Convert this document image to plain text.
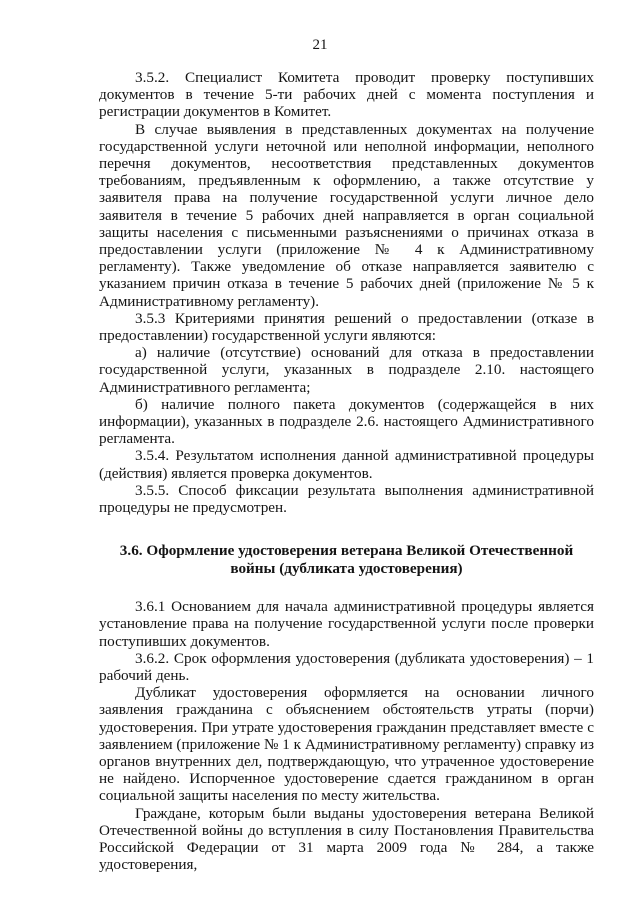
21

3.5.2. Специалист Комитета проводит проверку поступивших документов в течение 5-ти рабочих дней с момента поступления и регистрации документов в Комитет.

В случае выявления в представленных документах на получение государственной услуги неточной или неполной информации, неполного перечня документов, несоответствия представленных документов требованиям, предъявленным к оформлению, а также отсутствие у заявителя права на получение государственной услуги личное дело заявителя в течение 5 рабочих дней направляется в орган социальной защиты населения с письменными разъяснениями о причинах отказа в предоставлении услуги (приложение № 4 к Административному регламенту). Также уведомление об отказе направляется заявителю с указанием причин отказа в течение 5 рабочих дней (приложение № 5 к Административному регламенту).

3.5.3 Критериями принятия решений о предоставлении (отказе в предоставлении) государственной услуги являются:

а) наличие (отсутствие) оснований для отказа в предоставлении государственной услуги, указанных в подразделе 2.10. настоящего Административного регламента;

б) наличие полного пакета документов (содержащейся в них информации), указанных в подразделе 2.6. настоящего Административного регламента.

3.5.4. Результатом исполнения данной административной процедуры (действия) является проверка документов.

3.5.5. Способ фиксации результата выполнения административной процедуры не предусмотрен.

3.6. Оформление удостоверения ветерана Великой Отечественной войны (дубликата удостоверения)

3.6.1 Основанием для начала административной процедуры является установление права на получение государственной услуги после проверки поступивших документов.

3.6.2. Срок оформления удостоверения (дубликата удостоверения) – 1 рабочий день.

Дубликат удостоверения оформляется на основании личного заявления гражданина с объяснением обстоятельств утраты (порчи) удостоверения. При утрате удостоверения гражданин представляет вместе с заявлением (приложение № 1 к Административному регламенту) справку из органов внутренних дел, подтверждающую, что утраченное удостоверение не найдено. Испорченное удостоверение сдается гражданином в орган социальной защиты населения по месту жительства.

Граждане, которым были выданы удостоверения ветерана Великой Отечественной войны до вступления в силу Постановления Правительства Российской Федерации от 31 марта 2009 года № 284, а также удостоверения,
